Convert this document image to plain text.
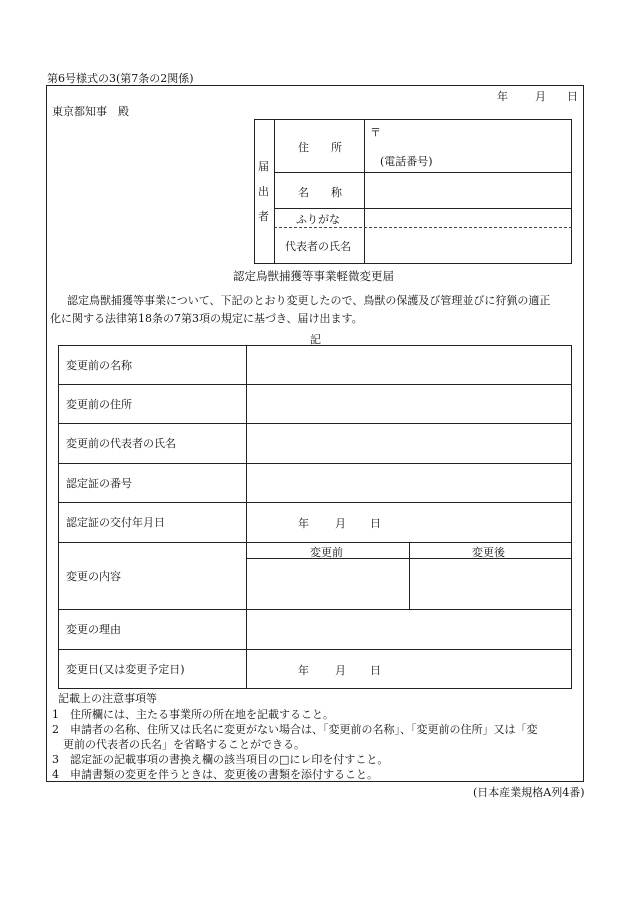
第6号様式の3(第7条の2関係)
年 月 日
東京都知事　殿
届
出
者
住　　所
〒
(電話番号)
名　　称
ふりがな
代表者の氏名
認定鳥獣捕獲等事業軽微変更届
認定鳥獣捕獲等事業について、下記のとおり変更したので、鳥獣の保護及び管理並びに狩猟の適正
化に関する法律第18条の7第3項の規定に基づき、届け出ます。
記
変更前の名称
変更前の住所
変更前の代表者の氏名
認定証の番号
認定証の交付年月日
変更の内容
変更の理由
変更日(又は変更予定日)
年 月 日
変更前	変更後
年 月 日
記載上の注意事項等
1　住所欄には、主たる事業所の所在地を記載すること。
2　申請者の名称、住所又は氏名に変更がない場合は、「変更前の名称」、「変更前の住所」又は「変
更前の代表者の氏名」を省略することができる。
3　認定証の記載事項の書換え欄の該当項目の□にレ印を付すこと。
4　申請書類の変更を伴うときは、変更後の書類を添付すること。
(日本産業規格A列4番)
